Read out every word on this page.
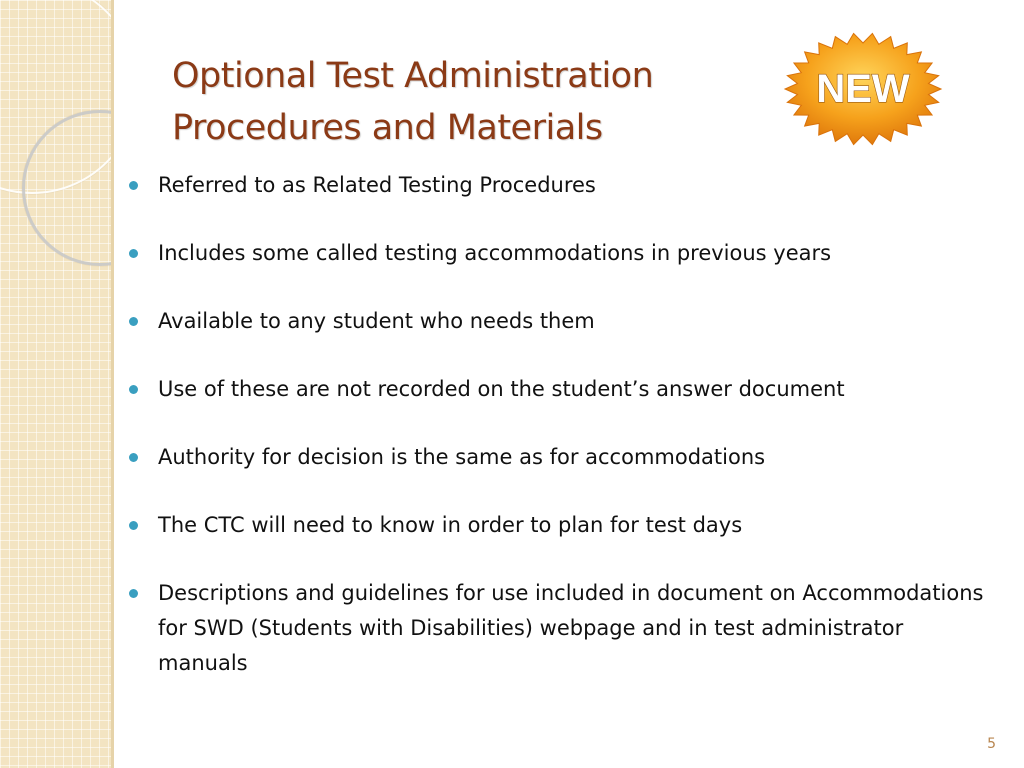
Optional Test Administration
Procedures and Materials
NEW
Referred to as Related Testing Procedures
Includes some called testing accommodations in previous years
Available to any student who needs them
Use of these are not recorded on the student’s answer document
Authority for decision is the same as for accommodations
The CTC will need to know in order to plan for test days
Descriptions and guidelines for use included in document on Accommodations for SWD (Students with Disabilities) webpage and in test administrator manuals
5
